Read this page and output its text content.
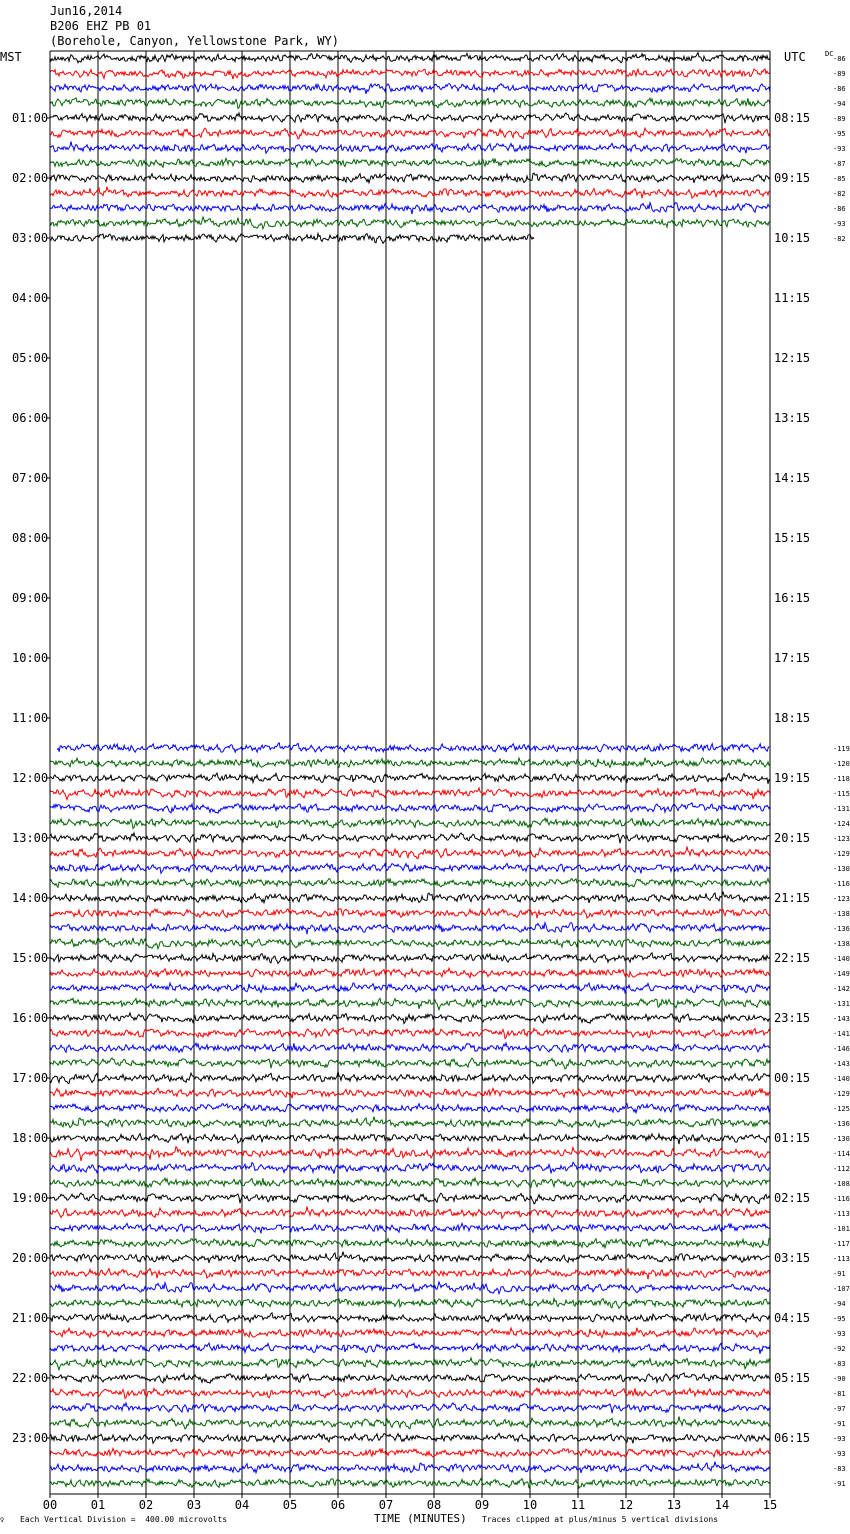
-86
-89
-86
-94
-89
-95
-93
-87
-85
-82
-86
-93
-82
-119
-120
-118
-115
-131
-124
-123
-129
-130
-116
-123
-138
-136
-138
-140
-149
-142
-131
-143
-141
-146
-143
-140
-129
-125
-136
-130
-114
-112
-108
-116
-113
-101
-117
-113
-91
-107
-94
-95
-93
-92
-83
-90
-81
-97
-91
-93
-93
-83
-91
00	01	02	03	04	05	06	07	08	09	10	11	12	13	14	15
MST	UTC	DC
01:00
02:00
03:00
04:00
05:00
06:00
07:00
08:00
09:00
10:00
11:00
12:00
13:00
14:00
15:00
16:00
17:00
18:00
19:00
20:00
21:00
22:00
23:00
08:15
09:15
10:15
11:15
12:15
13:15
14:15
15:15
16:15
17:15
18:15
19:15
20:15
21:15
22:15
23:15
00:15
01:15
02:15
03:15
04:15
05:15
06:15
Jun16,2014
B206 EHZ PB 01
(Borehole, Canyon, Yellowstone Park, WY)
TIME (MINUTES)
Each Vertical Division =  400.00 microvolts	Traces clipped at plus/minus 5 vertical divisions
♀
